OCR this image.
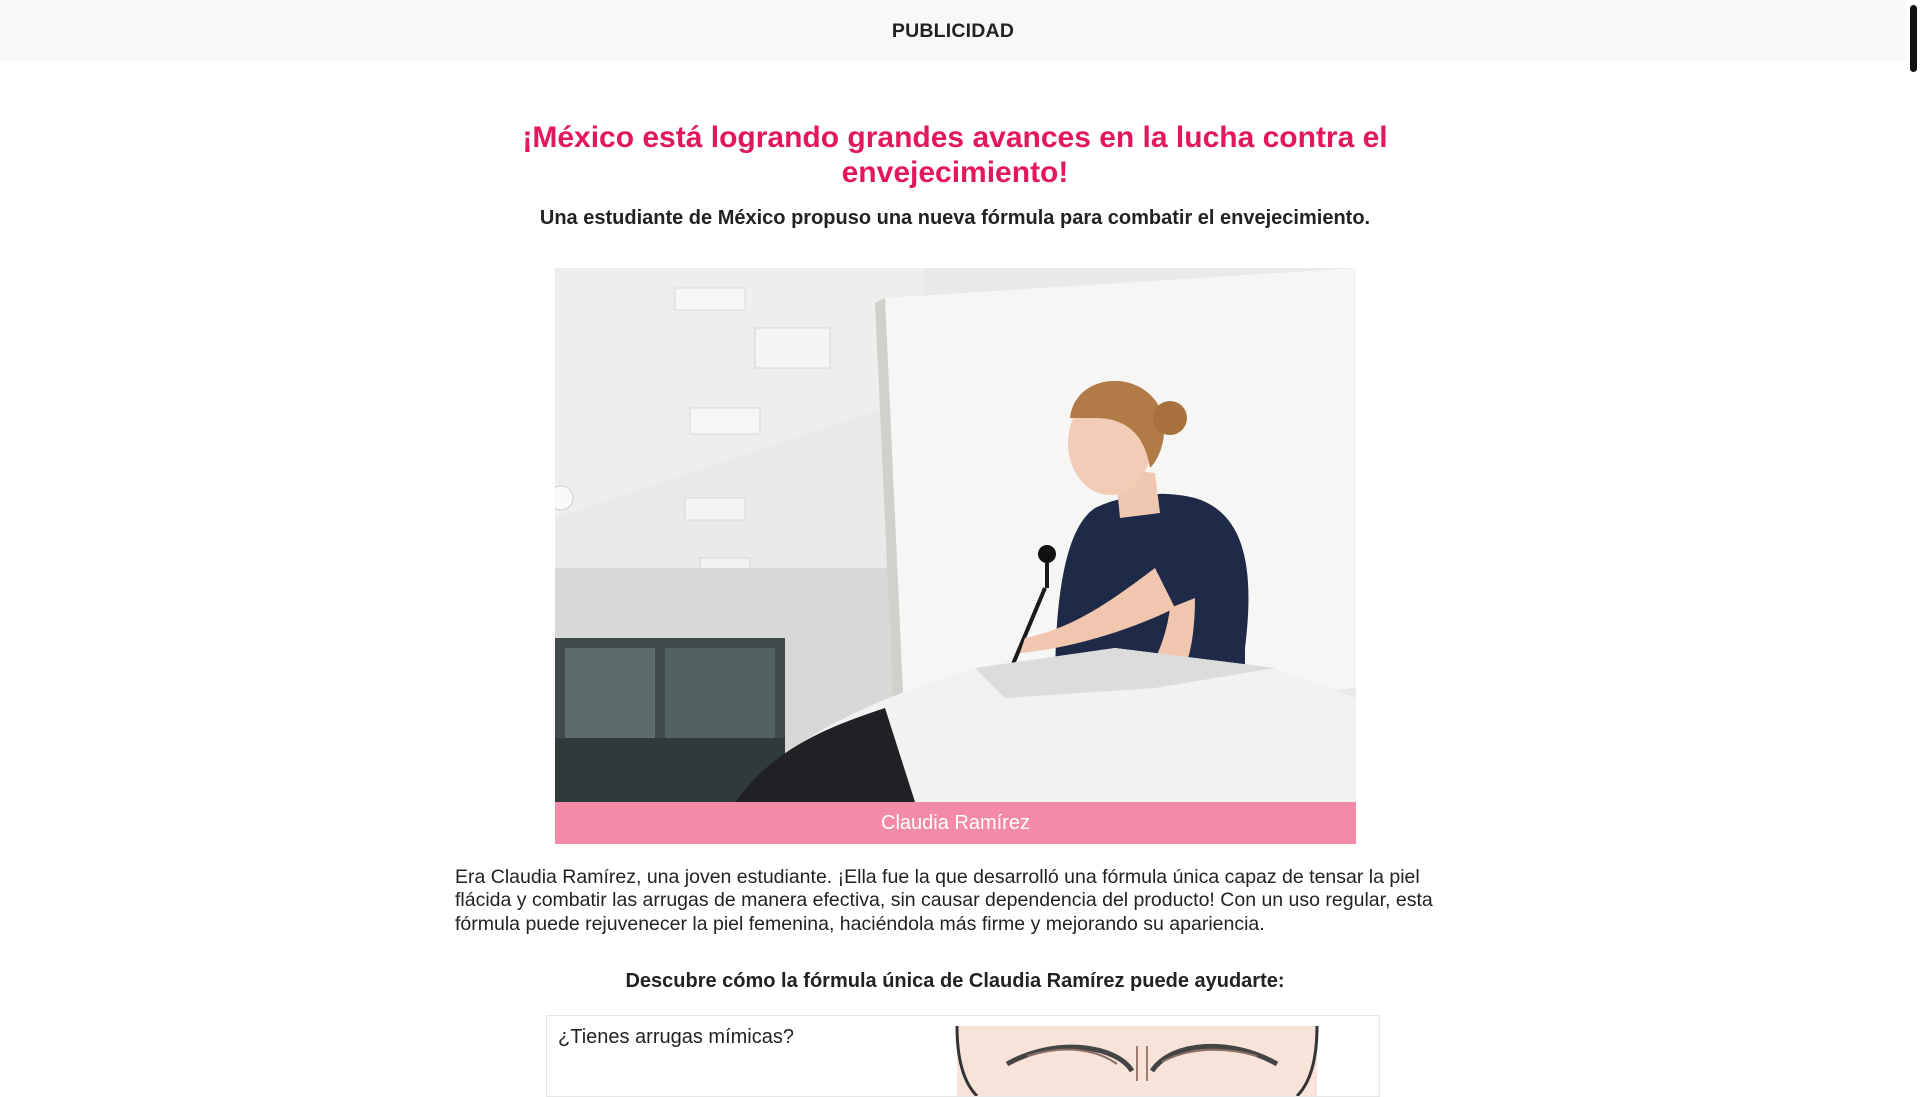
PUBLICIDAD
¡México está logrando grandes avances en la lucha contra el envejecimiento!
Una estudiante de México propuso una nueva fórmula para combatir el envejecimiento.
Claudia Ramírez

Era Claudia Ramírez, una joven estudiante. ¡Ella fue la que desarrolló una fórmula única capaz de tensar la piel flácida y combatir las arrugas de manera efectiva, sin causar dependencia del producto! Con un uso regular, esta fórmula puede rejuvenecer la piel femenina, haciéndola más firme y mejorando su apariencia.

Descubre cómo la fórmula única de Claudia Ramírez puede ayudarte:
¿Tienes arrugas mímicas?
